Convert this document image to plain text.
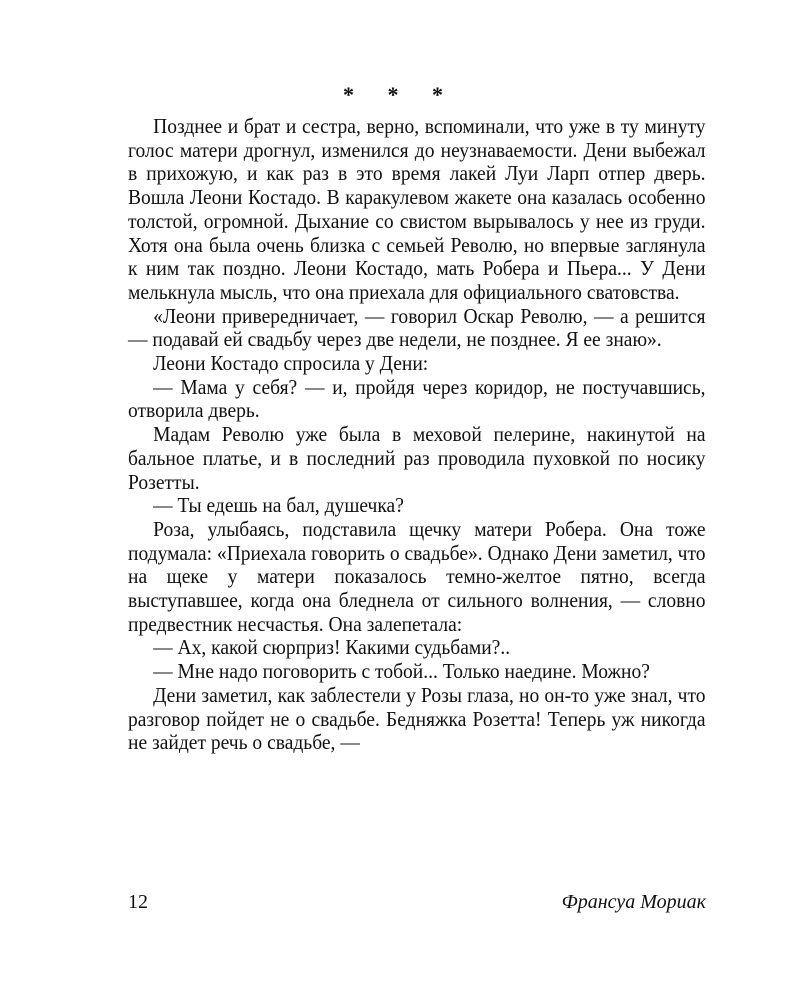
* * *

Позднее и брат и сестра, верно, вспоминали, что уже в ту минуту голос матери дрогнул, изменился до неузнаваемости. Дени выбежал в прихожую, и как раз в это время лакей Луи Ларп отпер дверь. Вошла Леони Костадо. В каракулевом жакете она казалась особенно толстой, огромной. Дыхание со свистом вырывалось у нее из груди. Хотя она была очень близка с семьей Револю, но впервые заглянула к ним так поздно. Леони Костадо, мать Робера и Пьера... У Дени мелькнула мысль, что она приехала для официального сватовства.

«Леони привередничает, — говорил Оскар Револю, — а решится — подавай ей свадьбу через две недели, не позднее. Я ее знаю».

Леони Костадо спросила у Дени:

— Мама у себя? — и, пройдя через коридор, не постучавшись, отворила дверь.

Мадам Револю уже была в меховой пелерине, накинутой на бальное платье, и в последний раз проводила пуховкой по носику Розетты.

— Ты едешь на бал, душечка?

Роза, улыбаясь, подставила щечку матери Робера. Она тоже подумала: «Приехала говорить о свадьбе». Однако Дени заметил, что на щеке у матери показалось темно-желтое пятно, всегда выступавшее, когда она бледнела от сильного волнения, — словно предвестник несчастья. Она залепетала:

— Ах, какой сюрприз! Какими судьбами?..

— Мне надо поговорить с тобой... Только наедине. Можно?

Дени заметил, как заблестели у Розы глаза, но он-то уже знал, что разговор пойдет не о свадьбе. Бедняжка Розетта! Теперь уж никогда не зайдет речь о свадьбе, —

12	Франсуа Мориак
